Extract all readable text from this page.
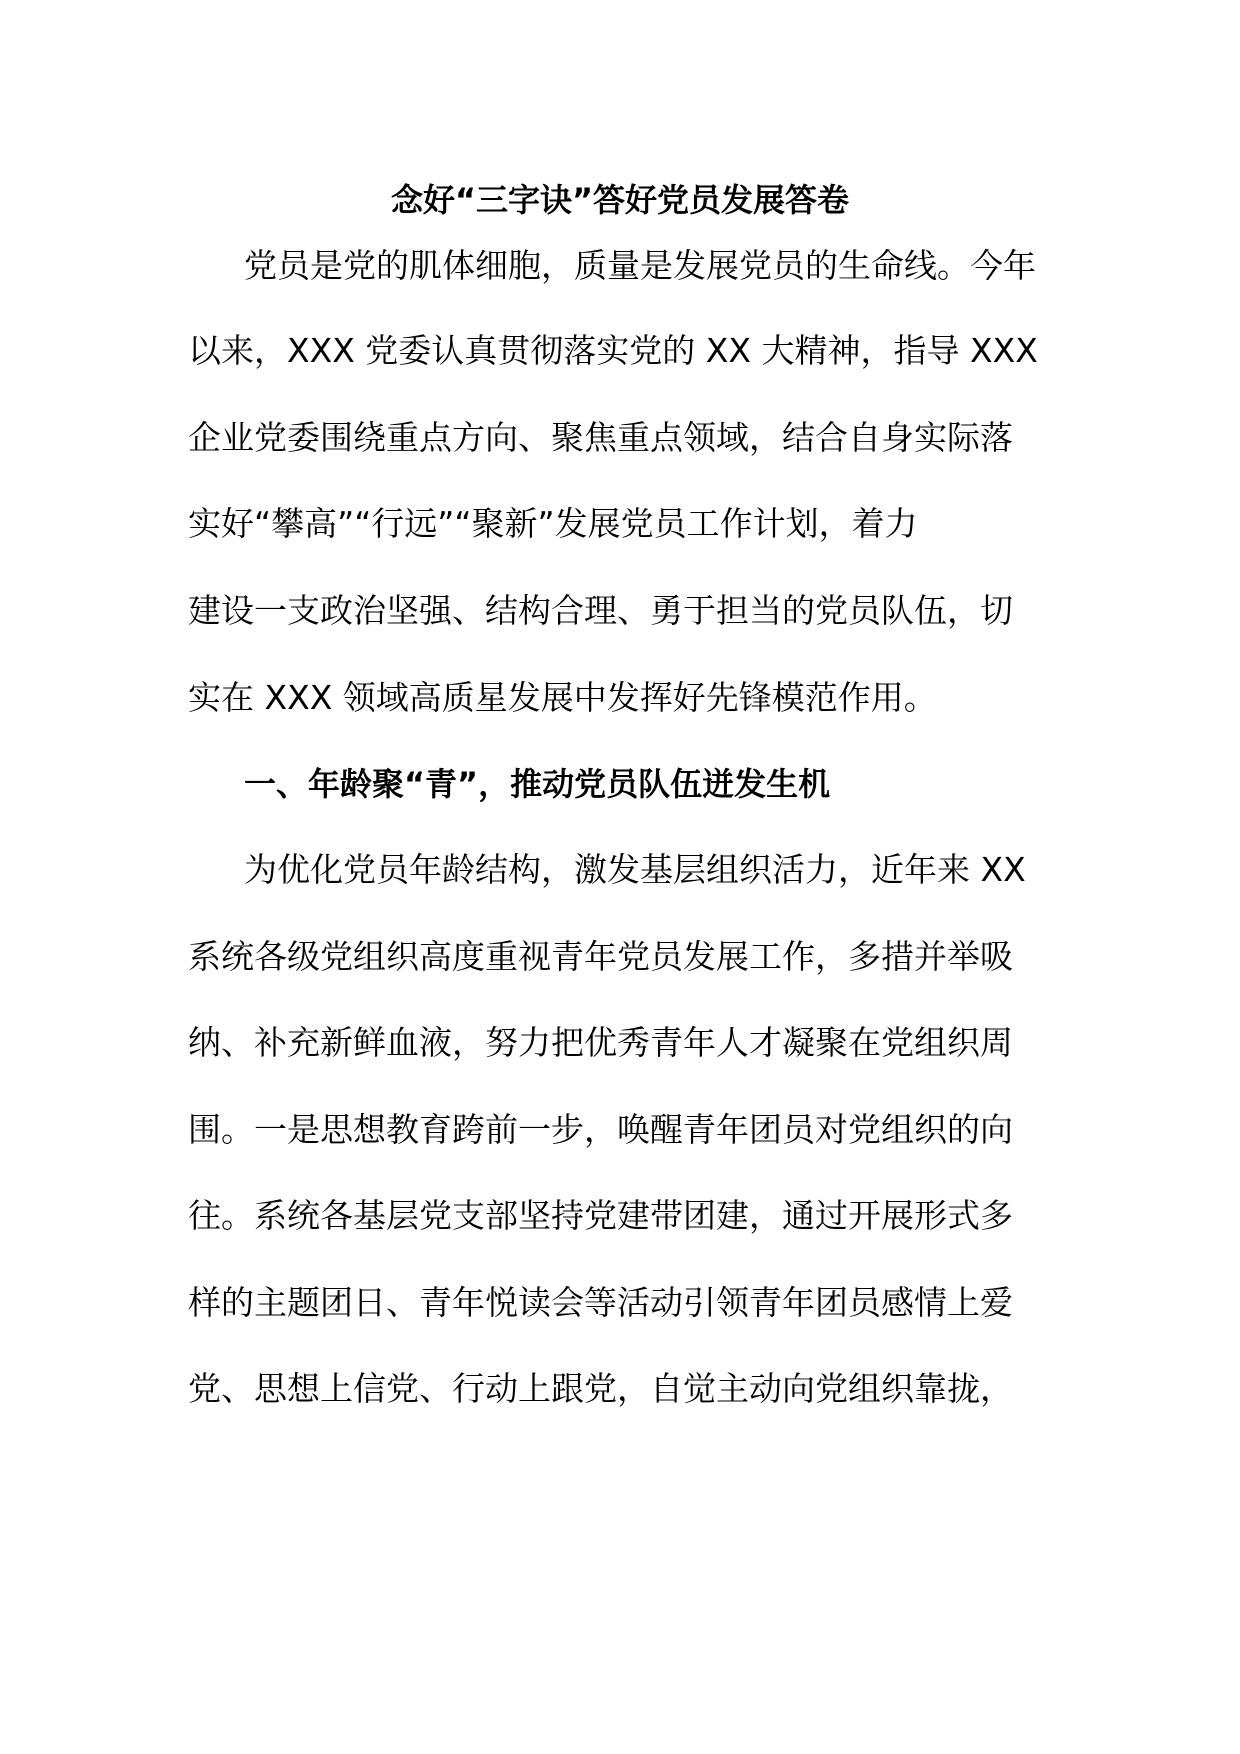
念好“三字诀”答好党员发展答卷
党员是党的肌体细胞，质量是发展党员的生命线。今年
以来，XXX 党委认真贯彻落实党的 XX 大精神，指导 XXX
企业党委围绕重点方向、聚焦重点领域，结合自身实际落
实好“攀高”“行远”“聚新”发展党员工作计划，着力
建设一支政治坚强、结构合理、勇于担当的党员队伍，切
实在 XXX 领域高质星发展中发挥好先锋模范作用。
一、年龄聚“青”，推动党员队伍迸发生机
为优化党员年龄结构，激发基层组织活力，近年来 XX
系统各级党组织高度重视青年党员发展工作，多措并举吸
纳、补充新鲜血液，努力把优秀青年人才凝聚在党组织周
围。一是思想教育跨前一步，唤醒青年团员对党组织的向
往。系统各基层党支部坚持党建带团建，通过开展形式多
样的主题团日、青年悦读会等活动引领青年团员感情上爱
党、思想上信党、行动上跟党，自觉主动向党组织靠拢，
